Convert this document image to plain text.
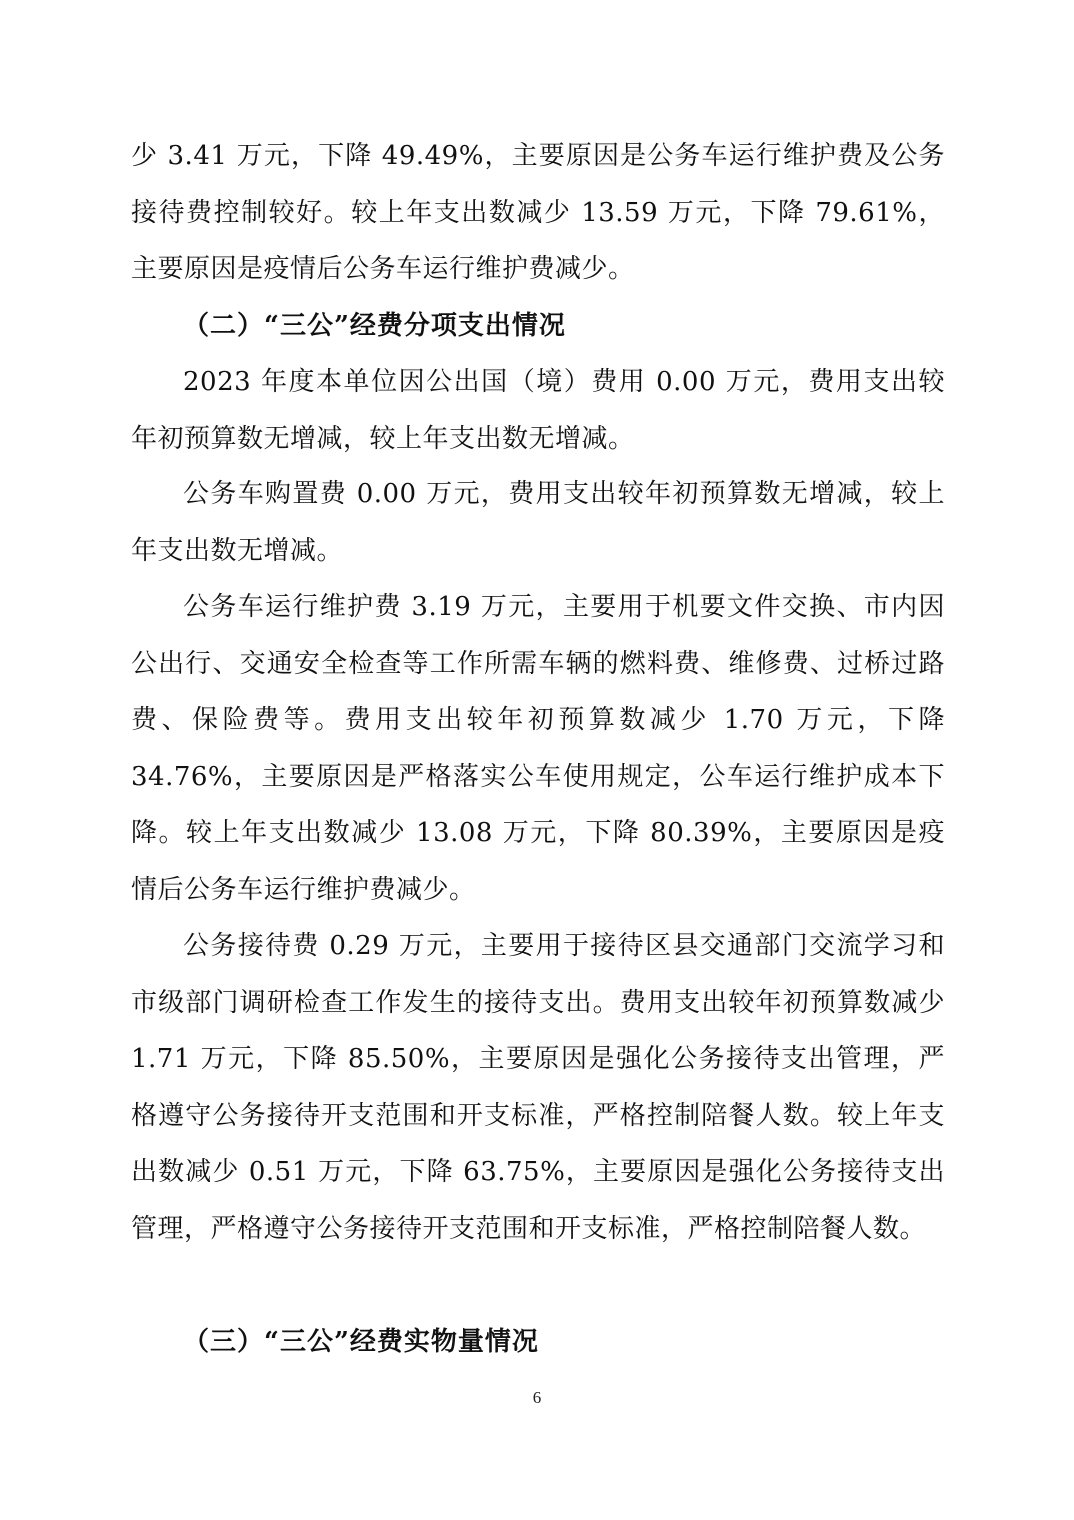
少 3.41 万元，下降 49.49%，主要原因是公务车运行维护费及公务接待费控制较好。较上年支出数减少 13.59 万元，下降 79.61%，主要原因是疫情后公务车运行维护费减少。

（二）“三公”经费分项支出情况

2023 年度本单位因公出国（境）费用 0.00 万元，费用支出较年初预算数无增减，较上年支出数无增减。

公务车购置费 0.00 万元，费用支出较年初预算数无增减，较上年支出数无增减。

公务车运行维护费 3.19 万元，主要用于机要文件交换、市内因公出行、交通安全检查等工作所需车辆的燃料费、维修费、过桥过路费、保险费等。费用支出较年初预算数减少 1.70 万元，下降 34.76%，主要原因是严格落实公车使用规定，公车运行维护成本下降。较上年支出数减少 13.08 万元，下降 80.39%，主要原因是疫情后公务车运行维护费减少。

公务接待费 0.29 万元，主要用于接待区县交通部门交流学习和市级部门调研检查工作发生的接待支出。费用支出较年初预算数减少 1.71 万元，下降 85.50%，主要原因是强化公务接待支出管理，严格遵守公务接待开支范围和开支标准，严格控制陪餐人数。较上年支出数减少 0.51 万元，下降 63.75%，主要原因是强化公务接待支出管理，严格遵守公务接待开支范围和开支标准，严格控制陪餐人数。

（三）“三公”经费实物量情况

6
